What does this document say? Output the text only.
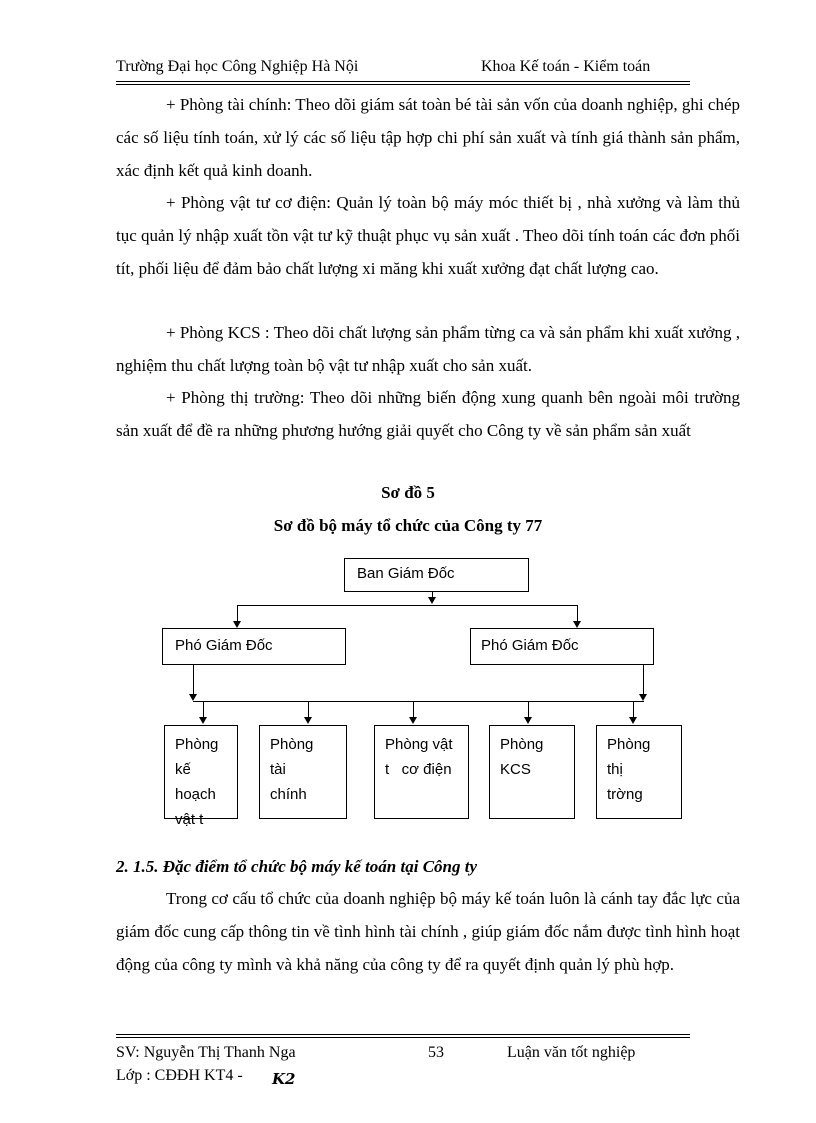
Trường Đại học Công Nghiệp Hà Nội	Khoa Kế toán - Kiểm toán

+ Phòng tài chính: Theo dõi giám sát toàn bé tài sản vốn của doanh nghiệp, ghi chép các số liệu tính toán, xử lý các số liệu tập hợp chi phí sản xuất và tính giá thành sản phẩm, xác định kết quả kinh doanh.

+ Phòng vật tư cơ điện: Quản lý toàn bộ máy móc thiết bị , nhà xưởng và làm thủ tục quản lý nhập xuất tồn vật tư kỹ thuật phục vụ sản xuất . Theo dõi tính toán các đơn phối tít, phối liệu để đảm bảo chất lượng xi măng khi xuất xưởng đạt chất lượng cao.

+ Phòng KCS : Theo dõi chất lượng sản phẩm từng ca và sản phẩm khi xuất xưởng , nghiệm thu chất lượng toàn bộ vật tư nhập xuất cho sản xuất.

+ Phòng thị trường: Theo dõi những biến động xung quanh bên ngoài môi trường sản xuất để đề ra những phương hướng giải quyết cho Công ty về sản phẩm sản xuất

Sơ đồ 5
Sơ đồ bộ máy tổ chức của Công ty 77
Ban Giám Đốc
Phó Giám Đốc	Phó Giám Đốc
Phòng
kế
hoạch
vật t
Phòng
tài
chính
Phòng vật
t   cơ điện
Phòng
KCS
Phòng
thị
trờng
2. 1.5. Đặc điểm tổ chức bộ máy kế toán tại Công ty

Trong cơ cấu tổ chức của doanh nghiệp bộ máy kế toán luôn là cánh tay đắc lực của giám đốc cung cấp thông tin về tình hình tài chính , giúp giám đốc nắm được tình hình hoạt động của công ty mình và khả năng của công ty để ra quyết định quản lý phù hợp.

SV: Nguyễn Thị Thanh Nga	53	Luận văn tốt nghiệp
Lớp : CĐĐH KT4 - K2
